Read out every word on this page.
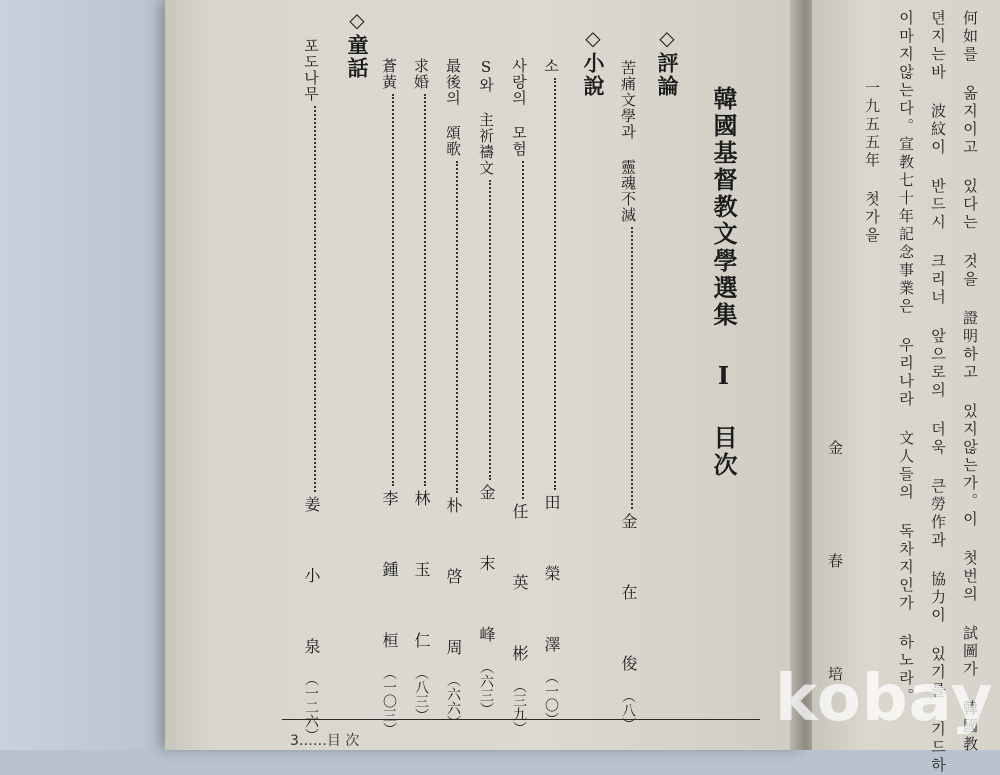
韓國基督教文學選集 I 目次
◇評論
苦痛文學과 靈魂不滅金 在 俊（八）
◇小說
소田 榮 澤（一〇）
사랑의 모험任 英 彬（三九）
S와 主祈禱文金 末 峰（六三）
最後의 頌歌朴 啓 周（六六）
求婚林 玉 仁（八三）
蒼黃李 鍾 桓（一〇三）
◇童話
포도나무姜 小 泉（一二六）
3……目 次	何如를 옮지이고 있다는 것을 證明하고 있지않는가。이 첫번의 試圖가 韓國教
뎐지는바 波紋이 반드시 크리너 앞으로의 더욱 큰勞作과 協力이 있기를 기드하
이마지않는다。宣教七十年記念事業은 우리나라 文人들의 독차지인가 하노라。
一九五五年 첫가을
金 春 培
kobay
